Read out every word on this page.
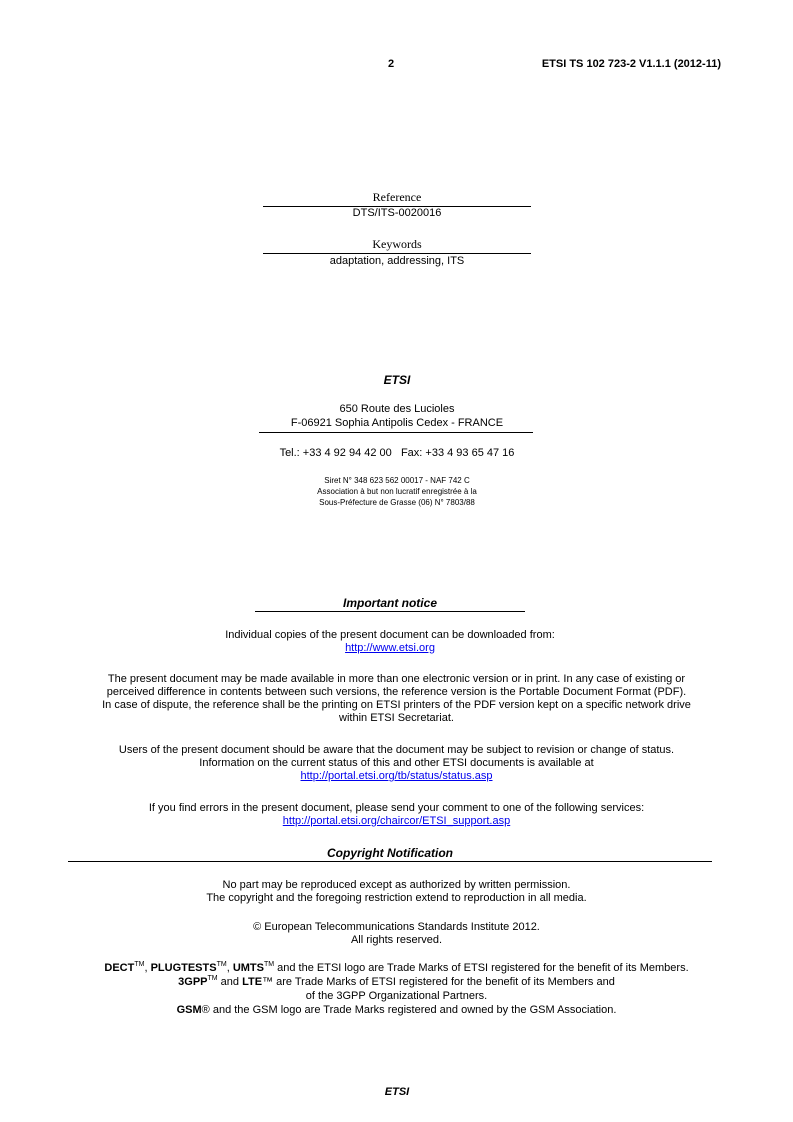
2	ETSI TS 102 723-2 V1.1.1 (2012-11)
Reference
DTS/ITS-0020016
Keywords
adaptation, addressing, ITS
ETSI
650 Route des Lucioles
F-06921 Sophia Antipolis Cedex - FRANCE
Tel.: +33 4 92 94 42 00   Fax: +33 4 93 65 47 16
Siret N° 348 623 562 00017 - NAF 742 C
Association à but non lucratif enregistrée à la
Sous-Préfecture de Grasse (06) N° 7803/88
Important notice
Individual copies of the present document can be downloaded from:
http://www.etsi.org
The present document may be made available in more than one electronic version or in print. In any case of existing or
perceived difference in contents between such versions, the reference version is the Portable Document Format (PDF).
In case of dispute, the reference shall be the printing on ETSI printers of the PDF version kept on a specific network drive
within ETSI Secretariat.
Users of the present document should be aware that the document may be subject to revision or change of status.
Information on the current status of this and other ETSI documents is available at
http://portal.etsi.org/tb/status/status.asp
If you find errors in the present document, please send your comment to one of the following services:
http://portal.etsi.org/chaircor/ETSI_support.asp
Copyright Notification
No part may be reproduced except as authorized by written permission.
The copyright and the foregoing restriction extend to reproduction in all media.
© European Telecommunications Standards Institute 2012.
All rights reserved.
DECT™, PLUGTESTS™, UMTS™ and the ETSI logo are Trade Marks of ETSI registered for the benefit of its Members.
3GPP™ and LTE™ are Trade Marks of ETSI registered for the benefit of its Members and
of the 3GPP Organizational Partners.
GSM® and the GSM logo are Trade Marks registered and owned by the GSM Association.
ETSI
